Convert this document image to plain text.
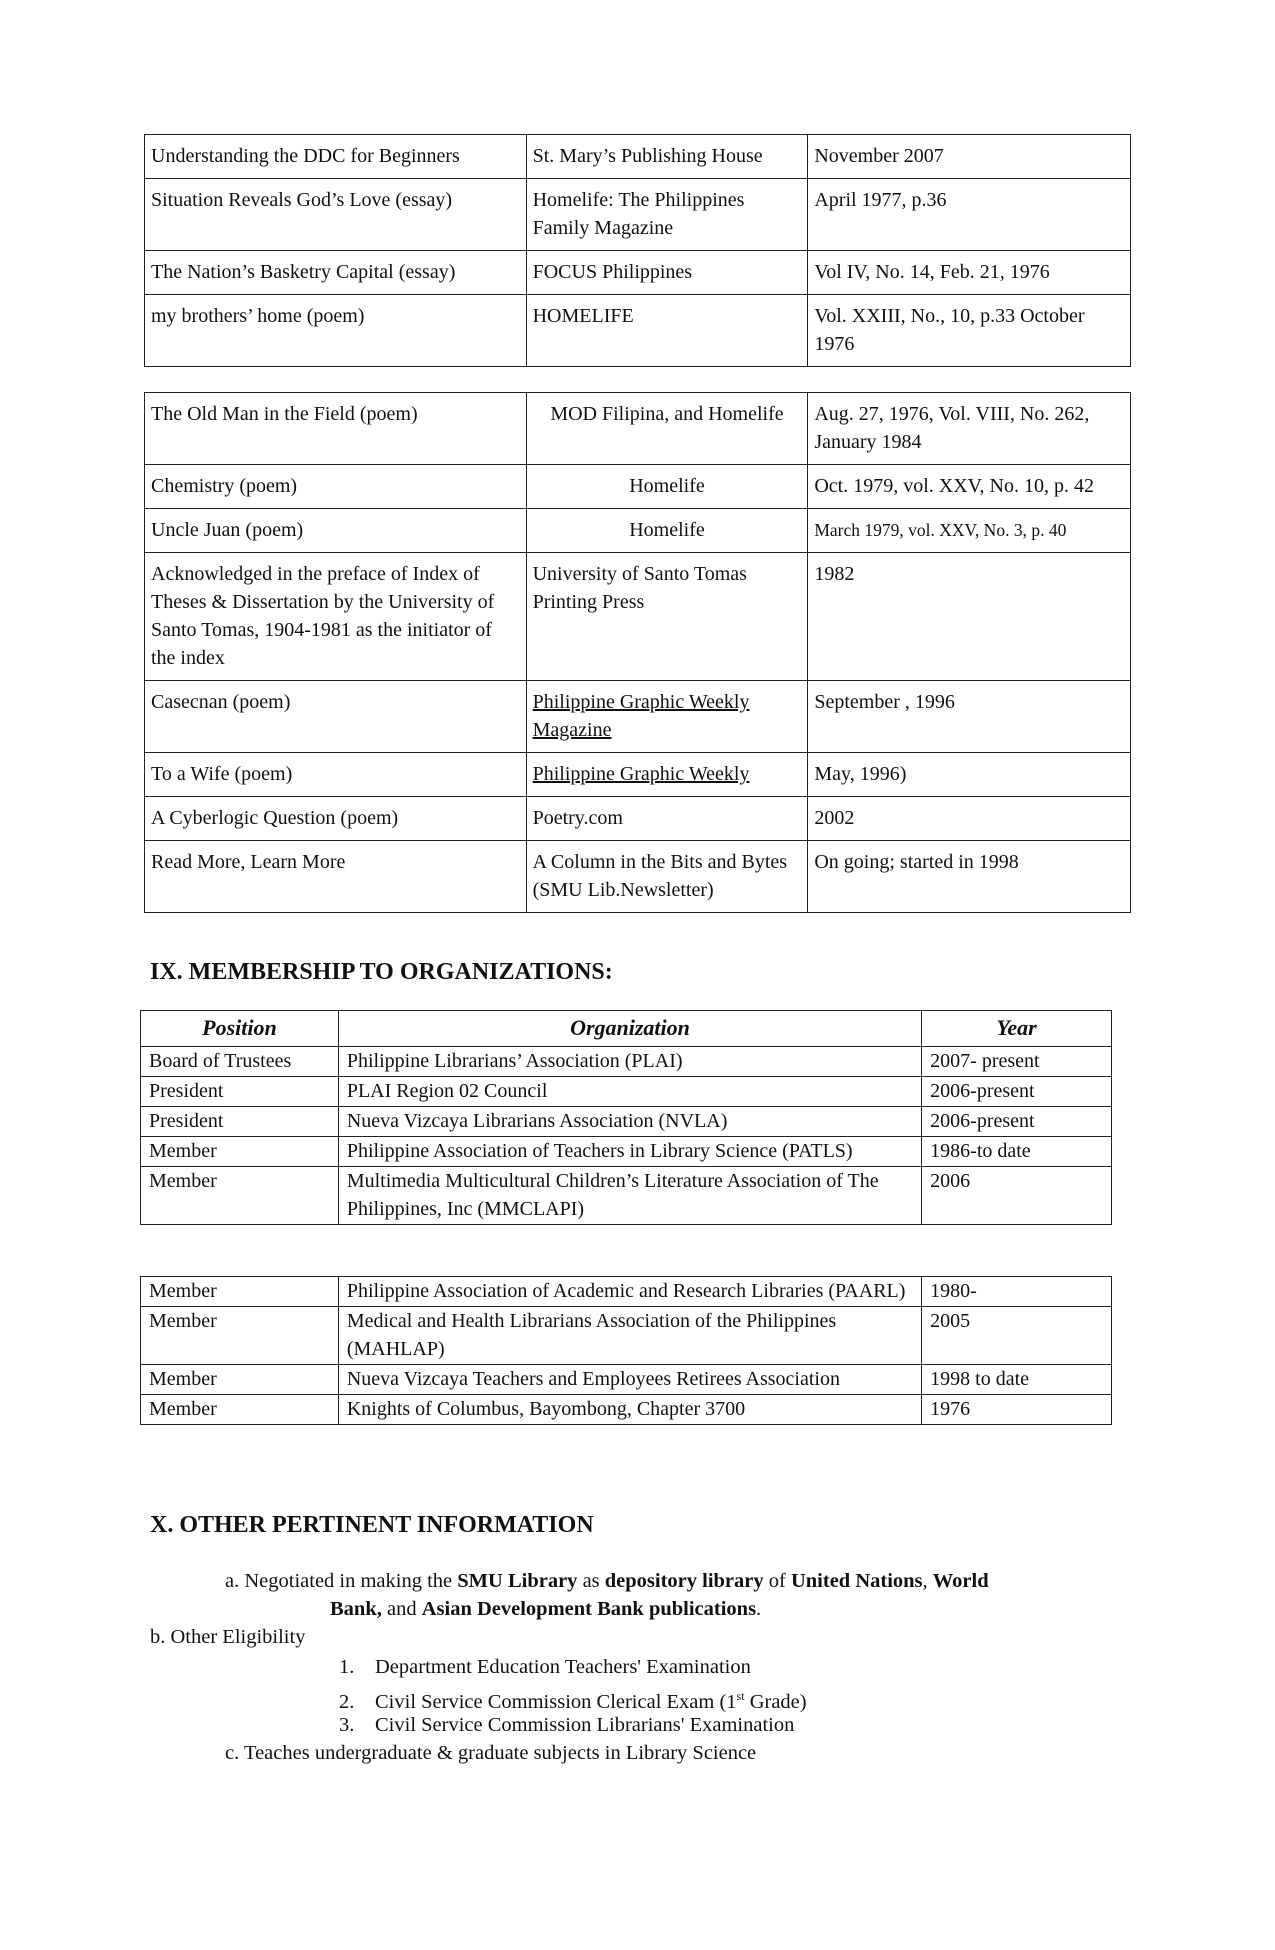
Understanding the DDC for Beginners	St. Mary’s Publishing House	November 2007
Situation Reveals God’s Love (essay)	Homelife: The Philippines Family Magazine	April 1977, p.36
The Nation’s Basketry Capital (essay)	FOCUS Philippines	Vol IV, No. 14, Feb. 21, 1976
my brothers’ home (poem)	HOMELIFE	Vol. XXIII, No., 10, p.33 October 1976
The Old Man in the Field (poem)	MOD Filipina, and Homelife	Aug. 27, 1976, Vol. VIII, No. 262, January 1984
Chemistry (poem)	Homelife	Oct. 1979, vol. XXV, No. 10, p. 42
Uncle Juan (poem)	Homelife	March 1979, vol. XXV, No. 3, p. 40
Acknowledged in the preface of Index of Theses & Dissertation by the University of Santo Tomas, 1904-1981 as the initiator of the index	University of Santo Tomas Printing Press	1982
Casecnan (poem)	Philippine Graphic Weekly Magazine	September , 1996
To a Wife (poem)	Philippine Graphic Weekly	May, 1996)
A Cyberlogic Question (poem)	Poetry.com	2002
Read More, Learn More	A Column in the Bits and Bytes (SMU Lib.Newsletter)	On going; started in 1998
IX. MEMBERSHIP TO ORGANIZATIONS:
Position	Organization	Year
Board of Trustees	Philippine Librarians’ Association (PLAI)	2007- present
President	PLAI Region 02 Council	2006-present
President	Nueva Vizcaya Librarians Association (NVLA)	2006-present
Member	Philippine Association of Teachers in Library Science (PATLS)	1986-to date
Member	Multimedia Multicultural Children’s Literature Association of The Philippines, Inc (MMCLAPI)	2006
Member	Philippine Association of Academic and Research Libraries (PAARL)	1980-
Member	Medical and Health Librarians Association of the Philippines (MAHLAP)	2005
Member	Nueva Vizcaya Teachers and Employees Retirees Association	1998 to date
Member	Knights of Columbus, Bayombong, Chapter 3700	1976
X. OTHER PERTINENT INFORMATION
a. Negotiated in making the SMU Library as depository library of United Nations, World
Bank, and Asian Development Bank publications.
b. Other Eligibility
1. Department Education Teachers' Examination
2. Civil Service Commission Clerical Exam (1st Grade)
3. Civil Service Commission Librarians' Examination
c. Teaches undergraduate & graduate subjects in Library Science
